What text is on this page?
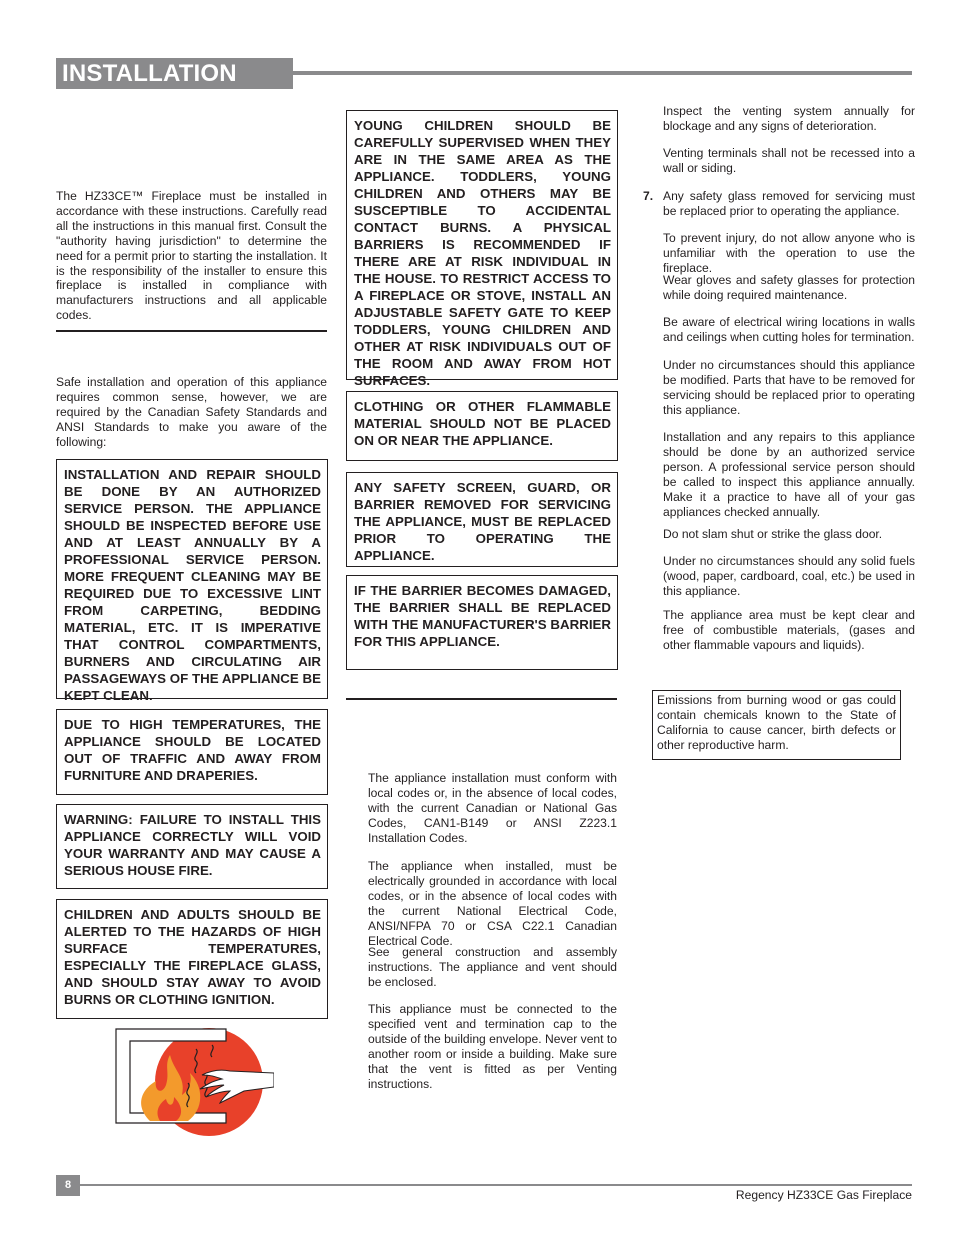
INSTALLATION
The HZ33CE™ Fireplace must be installed in accordance with these instructions. Carefully read all the instructions in this manual first. Consult the "authority having jurisdiction" to determine the need for a permit prior to starting the installation. It is the responsibility of the installer to ensure this fireplace is installed in compliance with manufacturers instructions and all applicable codes.
Safe installation and operation of this appliance requires common sense, however, we are required by the Canadian Safety Standards and ANSI Standards to make you aware of the following:
INSTALLATION AND REPAIR SHOULD BE DONE BY AN AUTHORIZED SERVICE PERSON. THE APPLIANCE SHOULD BE INSPECTED BEFORE USE AND AT LEAST ANNUALLY BY A PROFESSIONAL SERVICE PERSON. MORE FREQUENT CLEANING MAY BE REQUIRED DUE TO EXCESSIVE LINT FROM CARPETING, BEDDING MATERIAL, ETC. IT IS IMPERATIVE THAT CONTROL COMPARTMENTS, BURNERS AND CIRCULATING AIR PASSAGEWAYS OF THE APPLIANCE BE KEPT CLEAN.
DUE TO HIGH TEMPERATURES, THE APPLIANCE SHOULD BE LOCATED OUT OF TRAFFIC AND AWAY FROM FURNITURE AND DRAPERIES.
WARNING: FAILURE TO INSTALL THIS APPLIANCE CORRECTLY WILL VOID YOUR WARRANTY AND MAY CAUSE A SERIOUS HOUSE FIRE.
CHILDREN AND ADULTS SHOULD BE ALERTED TO THE HAZARDS OF HIGH SURFACE TEMPERATURES, ESPECIALLY THE FIREPLACE GLASS, AND SHOULD STAY AWAY TO AVOID BURNS OR CLOTHING IGNITION.
YOUNG CHILDREN SHOULD BE CAREFULLY SUPERVISED WHEN THEY ARE IN THE SAME AREA AS THE APPLIANCE. TODDLERS, YOUNG CHILDREN AND OTHERS MAY BE SUSCEPTIBLE TO ACCIDENTAL CONTACT BURNS. A PHYSICAL BARRIERS IS RECOMMENDED IF THERE ARE AT RISK INDIVIDUAL IN THE HOUSE. TO RESTRICT ACCESS TO A FIREPLACE OR STOVE, INSTALL AN ADJUSTABLE SAFETY GATE TO KEEP TODDLERS, YOUNG CHILDREN AND OTHER AT RISK INDIVIDUALS OUT OF THE ROOM AND AWAY FROM HOT SURFACES.
CLOTHING OR OTHER FLAMMABLE MATERIAL SHOULD NOT BE PLACED ON OR NEAR THE APPLIANCE.
ANY SAFETY SCREEN, GUARD, OR BARRIER REMOVED FOR SERVICING THE APPLIANCE, MUST BE REPLACED PRIOR TO OPERATING THE APPLIANCE.
IF THE BARRIER BECOMES DAMAGED, THE BARRIER SHALL BE REPLACED WITH THE MANUFACTURER'S BARRIER FOR THIS APPLIANCE.
The appliance installation must conform with local codes or, in the absence of local codes, with the current Canadian or National Gas Codes, CAN1-B149 or ANSI Z223.1 Installation Codes.
The appliance when installed, must be electrically grounded in accordance with local codes, or in the absence of local codes with the current National Electrical Code, ANSI/NFPA 70 or CSA C22.1 Canadian Electrical Code.
See general construction and assembly instructions. The appliance and vent should be enclosed.
This appliance must be connected to the specified vent and termination cap to the outside of the building envelope. Never vent to another room or inside a building. Make sure that the vent is fitted as per Venting instructions.
Inspect the venting system annually for blockage and any signs of deterioration.
Venting terminals shall not be recessed into a wall or siding.
7. Any safety glass removed for servicing must be replaced prior to operating the appliance.
To prevent injury, do not allow anyone who is unfamiliar with the operation to use the fireplace.
Wear gloves and safety glasses for protection while doing required maintenance.
Be aware of electrical wiring locations in walls and ceilings when cutting holes for termination.
Under no circumstances should this appliance be modified. Parts that have to be removed for servicing should be replaced prior to operating this appliance.
Installation and any repairs to this appliance should be done by an authorized service person. A professional service person should be called to inspect this appliance annually. Make it a practice to have all of your gas appliances checked annually.
Do not slam shut or strike the glass door.
Under no circumstances should any solid fuels (wood, paper, cardboard, coal, etc.) be used in this appliance.
The appliance area must be kept clear and free of combustible materials, (gases and other flammable vapours and liquids).
Emissions from burning wood or gas could contain chemicals known to the State of California to cause cancer, birth defects or other reproductive harm.
8
Regency HZ33CE Gas Fireplace
